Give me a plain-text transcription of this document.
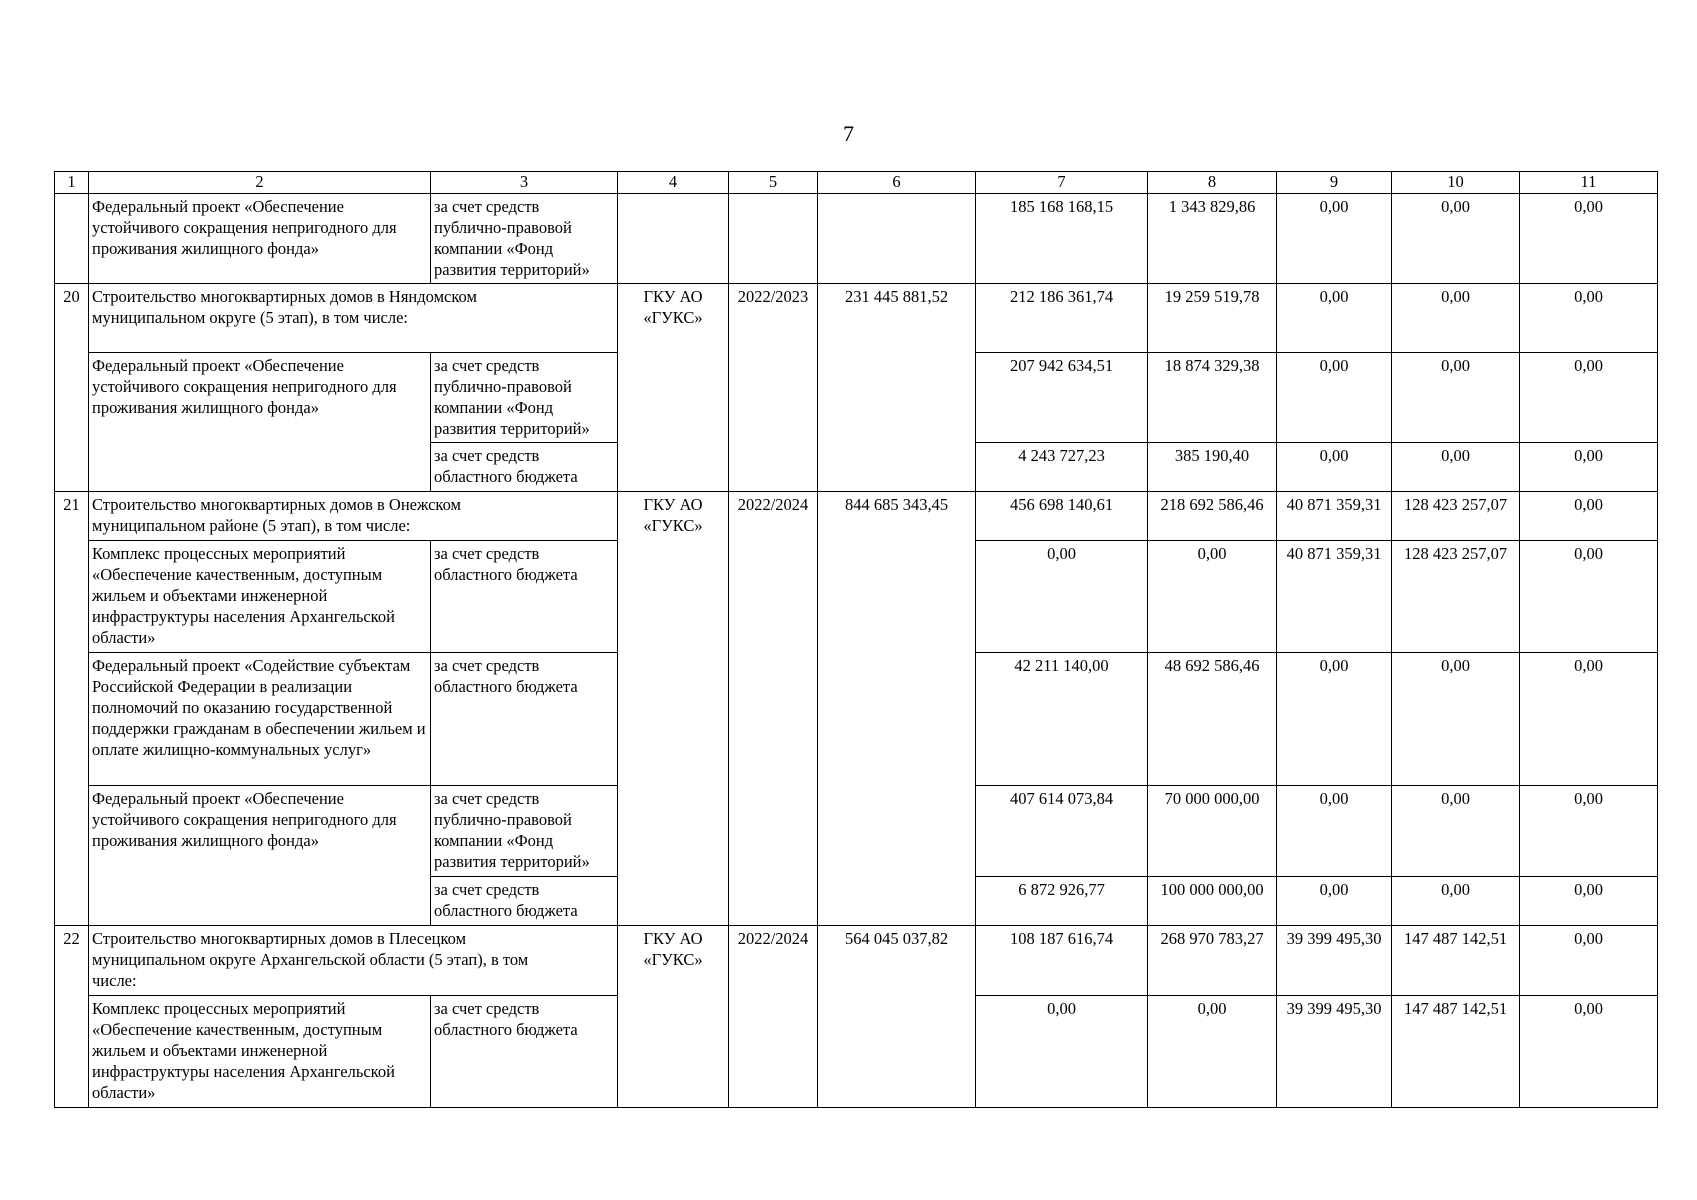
7
1	2	3	4	5	6	7	8	9	10	11
	Федеральный проект «Обеспечение устойчивого сокращения непригодного для проживания жилищного фонда»	за счет средств публично-правовой компании «Фонд развития территорий»				185 168 168,15	1 343 829,86	0,00	0,00	0,00
20	Строительство многоквартирных домов в Няндомском муниципальном округе (5 этап), в том числе:		ГКУ АО «ГУКС»	2022/2023	231 445 881,52	212 186 361,74	19 259 519,78	0,00	0,00	0,00
	Федеральный проект «Обеспечение устойчивого сокращения непригодного для проживания жилищного фонда»	за счет средств публично-правовой компании «Фонд развития территорий»				207 942 634,51	18 874 329,38	0,00	0,00	0,00
		за счет средств областного бюджета				4 243 727,23	385 190,40	0,00	0,00	0,00
21	Строительство многоквартирных домов в Онежском муниципальном районе (5 этап), в том числе:		ГКУ АО «ГУКС»	2022/2024	844 685 343,45	456 698 140,61	218 692 586,46	40 871 359,31	128 423 257,07	0,00
	Комплекс процессных мероприятий «Обеспечение качественным, доступным жильем и объектами инженерной инфраструктуры населения Архангельской области»	за счет средств областного бюджета				0,00	0,00	40 871 359,31	128 423 257,07	0,00
	Федеральный проект «Содействие субъектам Российской Федерации в реализации полномочий по оказанию государственной поддержки гражданам в обеспечении жильем и оплате жилищно-коммунальных услуг»	за счет средств областного бюджета				42 211 140,00	48 692 586,46	0,00	0,00	0,00
	Федеральный проект «Обеспечение устойчивого сокращения непригодного для проживания жилищного фонда»	за счет средств публично-правовой компании «Фонд развития территорий»				407 614 073,84	70 000 000,00	0,00	0,00	0,00
		за счет средств областного бюджета				6 872 926,77	100 000 000,00	0,00	0,00	0,00
22	Строительство многоквартирных домов в Плесецком муниципальном округе Архангельской области (5 этап), в том числе:		ГКУ АО «ГУКС»	2022/2024	564 045 037,82	108 187 616,74	268 970 783,27	39 399 495,30	147 487 142,51	0,00
	Комплекс процессных мероприятий «Обеспечение качественным, доступным жильем и объектами инженерной инфраструктуры населения Архангельской области»	за счет средств областного бюджета				0,00	0,00	39 399 495,30	147 487 142,51	0,00
